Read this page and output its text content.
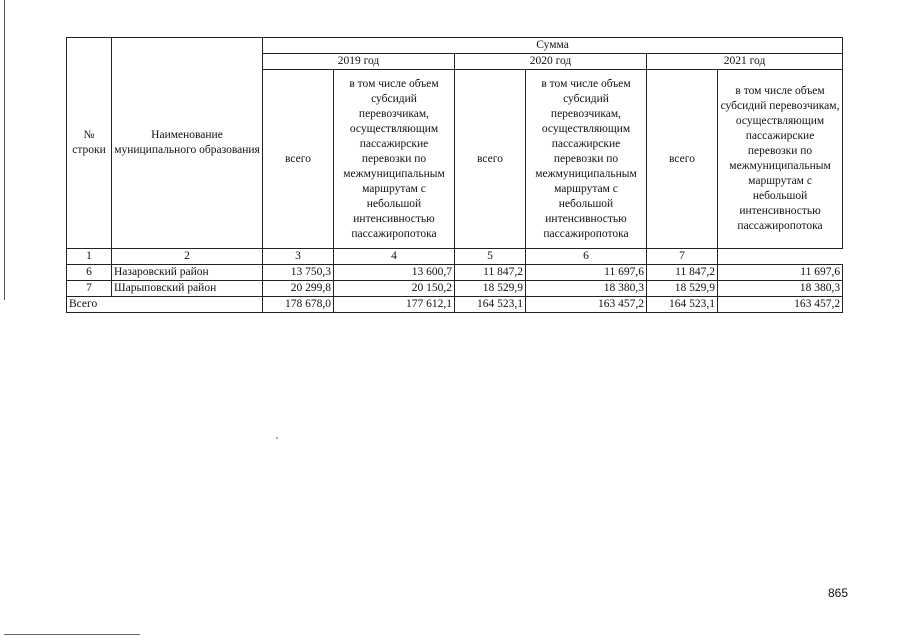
№ строки	Наименование муниципального образования	Сумма					
		2019 год		2020 год		2021 год	
		всего	в том числе объем субсидий перевозчикам, осуществляющим пассажирские перевозки по межмуниципальным маршрутам с небольшой интенсивностью пассажиропотока	всего	в том числе объем субсидий перевозчикам, осуществляющим пассажирские перевозки по межмуниципальным маршрутам с небольшой интенсивностью пассажиропотока	всего	в том числе объем субсидий перевозчикам, осуществляющим пассажирские перевозки по межмуниципальным маршрутам с небольшой интенсивностью пассажиропотока
1	2	3	4	5	6	7	
6	Назаровский район	13 750,3	13 600,7	11 847,2	11 697,6	11 847,2	11 697,6
7	Шарыповский район	20 299,8	20 150,2	18 529,9	18 380,3	18 529,9	18 380,3
Всего		178 678,0	177 612,1	164 523,1	163 457,2	164 523,1	163 457,2
865
